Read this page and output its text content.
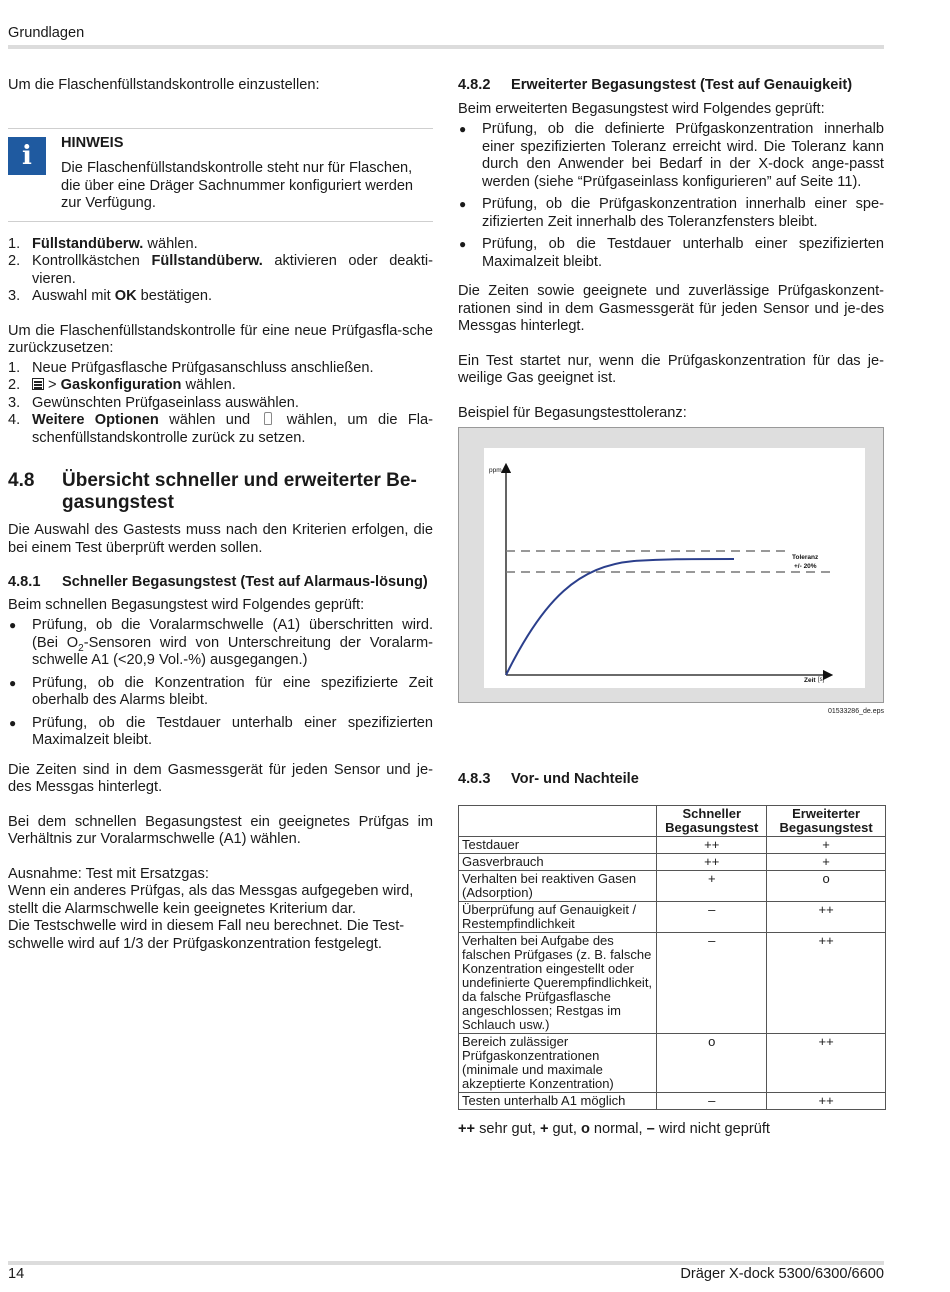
Grundlagen

Um die Flaschenfüllstandskontrolle einzustellen:

i	HINWEIS

Die Flaschenfüllstandskontrolle steht nur für Flaschen, die über eine Dräger Sachnummer konfiguriert werden zur Verfügung.

1. Füllstandüberw. wählen.
2. Kontrollkästchen Füllstandüberw. aktivieren oder deakti-vieren.
3. Auswahl mit OK bestätigen.

Um die Flaschenfüllstandskontrolle für eine neue Prüfgasfla-sche zurückzusetzen:

1. Neue Prüfgasflasche Prüfgasanschluss anschließen.
2. > Gaskonfiguration wählen.
3. Gewünschten Prüfgaseinlass auswählen.
4. Weitere Optionen wählen und  wählen, um die Fla-schenfüllstandskontrolle zurück zu setzen.
4.8 Übersicht schneller und erweiterter Be-gasungstest

Die Auswahl des Gastests muss nach den Kriterien erfolgen, die bei einem Test überprüft werden sollen.

4.8.1 Schneller Begasungstest (Test auf Alarmaus-lösung)

Beim schnellen Begasungstest wird Folgendes geprüft:

● Prüfung, ob die Voralarmschwelle (A1) überschritten wird. (Bei $O_2$-Sensoren wird von Unterschreitung der Voralarm-schwelle A1 (<20,9 Vol.-%) ausgegangen.)
● Prüfung, ob die Konzentration für eine spezifizierte Zeit oberhalb des Alarms bleibt.
● Prüfung, ob die Testdauer unterhalb einer spezifizierten Maximalzeit bleibt.

Die Zeiten sind in dem Gasmessgerät für jeden Sensor und je-des Messgas hinterlegt.

Bei dem schnellen Begasungstest ein geeignetes Prüfgas im Verhältnis zur Voralarmschwelle (A1) wählen.

Ausnahme: Test mit Ersatzgas:

Wenn ein anderes Prüfgas, als das Messgas aufgegeben wird, stellt die Alarmschwelle kein geeignetes Kriterium dar.

Die Testschwelle wird in diesem Fall neu berechnet. Die Test-schwelle wird auf 1/3 der Prüfgaskonzentration festgelegt.

4.8.2 Erweiterter Begasungstest (Test auf Genauigkeit)

Beim erweiterten Begasungstest wird Folgendes geprüft:

● Prüfung, ob die definierte Prüfgaskonzentration innerhalb einer spezifizierten Toleranz erreicht wird. Die Toleranz kann durch den Anwender bei Bedarf in der X-dock ange-passt werden (siehe “Prüfgaseinlass konfigurieren” auf Seite 11).
● Prüfung, ob die Prüfgaskonzentration innerhalb einer spe-zifizierten Zeit innerhalb des Toleranzfensters bleibt.
● Prüfung, ob die Testdauer unterhalb einer spezifizierten Maximalzeit bleibt.

Die Zeiten sowie geeignete und zuverlässige Prüfgaskonzent-rationen sind in dem Gasmessgerät für jeden Sensor und je-des Messgas hinterlegt.

Ein Test startet nur, wenn die Prüfgaskonzentration für das je-weilige Gas geeignet ist.

Beispiel für Begasungstesttoleranz:

ppm
Toleranz
+/- 20%
Zeit [s]
01533286_de.eps
4.8.3 Vor- und Nachteile
	Schneller Begasungstest	Erweiterter Begasungstest
Testdauer	++	+
Gasverbrauch	++	+
Verhalten bei reaktiven Gasen (Adsorption)	+	o
Überprüfung auf Genauigkeit / Restempfindlichkeit	–	++
Verhalten bei Aufgabe des falschen Prüfgases (z. B. falsche Konzentration eingestellt oder undefinierte Querempfindlichkeit, da falsche Prüfgasflasche angeschlossen; Restgas im Schlauch usw.)	–	++
Bereich zulässiger Prüfgaskonzentrationen (minimale und maximale akzeptierte Konzentration)	o	++
Testen unterhalb A1 möglich	–	++

++ sehr gut, + gut, o normal, – wird nicht geprüft

14	Dräger X-dock 5300/6300/6600
